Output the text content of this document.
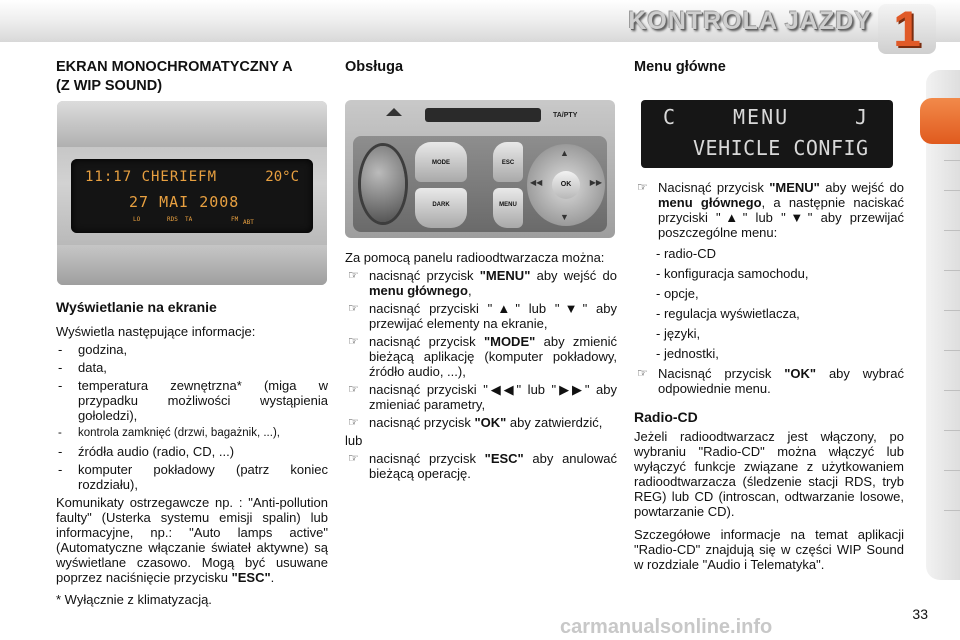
KONTROLA JAZDY 1
EKRAN MONOCHROMATYCZNY A
(Z WIP SOUND)
11:17 CHERIEFM	20°C
27 MAI 2008
LO	RDS TA	FM ABT
Wyświetlanie na ekranie

Wyświetla następujące informacje:

- godzina,
- data,
- temperatura zewnętrzna* (miga w przypadku możliwości wystąpienia gołoledzi),
- kontrola zamknięć (drzwi, bagażnik, ...),
- źródła audio (radio, CD, ...)
- komputer pokładowy (patrz koniec rozdziału),

Komunikaty ostrzegawcze np. : "Anti-pollution faulty" (Usterka systemu emisji spalin) lub informacyjne, np.: "Auto lamps active" (Automatyczne włączanie świateł aktywne) są wyświetlane czasowo. Mogą być usuwane poprzez naciśnięcie przycisku "ESC".

* Wyłącznie z klimatyzacją.

Obsługa
TA/PTY
MODE
DARK
ESC
MENU
▲
▼
◀◀	▶▶
OK

Za pomocą panelu radioodtwarzacza można:

☞ nacisnąć przycisk "MENU" aby wejść do menu głównego,
☞ nacisnąć przyciski "▲" lub "▼" aby przewijać elementy na ekranie,
☞ nacisnąć przycisk "MODE" aby zmienić bieżącą aplikację (komputer pokładowy, źródło audio, ...),
☞ nacisnąć przyciski "◀◀" lub "▶▶" aby zmieniać parametry,
☞ nacisnąć przycisk "OK" aby zatwierdzić,

lub

☞ nacisnąć przycisk "ESC" aby anulować bieżącą operację.
Menu główne
C	MENU	J
VEHICLE CONFIG
☞ Nacisnąć przycisk "MENU" aby wejść do menu głównego, a następnie naciskać przyciski "▲" lub "▼" aby przewijać poszczególne menu:
- radio-CD
- konfiguracja samochodu,
- opcje,
- regulacja wyświetlacza,
- języki,
- jednostki,
☞ Nacisnąć przycisk "OK" aby wybrać odpowiednie menu.
Radio-CD

Jeżeli radioodtwarzacz jest włączony, po wybraniu "Radio-CD" można włączyć lub wyłączyć funkcje związane z użytkowaniem radioodtwarzacza (śledzenie stacji RDS, tryb REG) lub CD (introscan, odtwarzanie losowe, powtarzanie CD).

Szczegółowe informacje na temat aplikacji "Radio-CD" znajdują się w części WIP Sound w rozdziale "Audio i Telematyka".

33
carmanualsonline.info
